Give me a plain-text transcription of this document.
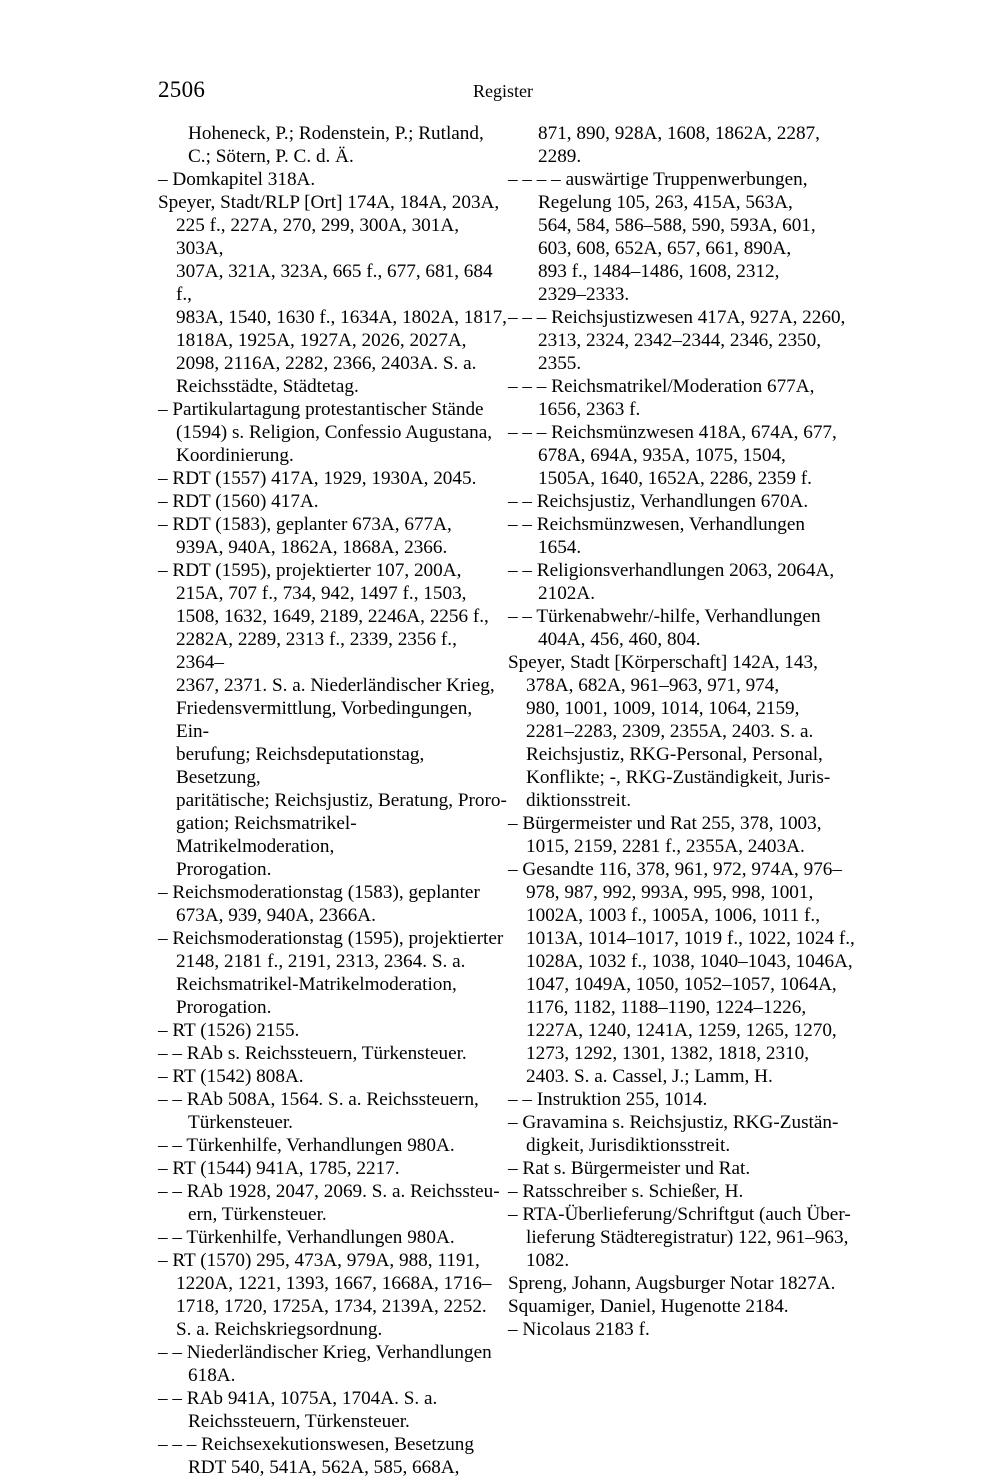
2506	Register
Hoheneck, P.; Rodenstein, P.; Rutland,
C.; Sötern, P. C. d. Ä.
– Domkapitel 318A.
Speyer, Stadt/RLP [Ort] 174A, 184A, 203A,
225 f., 227A, 270, 299, 300A, 301A, 303A,
307A, 321A, 323A, 665 f., 677, 681, 684 f.,
983A, 1540, 1630 f., 1634A, 1802A, 1817,
1818A, 1925A, 1927A, 2026, 2027A,
2098, 2116A, 2282, 2366, 2403A. S. a.
Reichsstädte, Städtetag.
– Partikulartagung protestantischer Stände
(1594) s. Religion, Confessio Augustana,
Koordinierung.
– RDT (1557) 417A, 1929, 1930A, 2045.
– RDT (1560) 417A.
– RDT (1583), geplanter 673A, 677A,
939A, 940A, 1862A, 1868A, 2366.
– RDT (1595), projektierter 107, 200A,
215A, 707 f., 734, 942, 1497 f., 1503,
1508, 1632, 1649, 2189, 2246A, 2256 f.,
2282A, 2289, 2313 f., 2339, 2356 f., 2364–
2367, 2371. S. a. Niederländischer Krieg,
Friedensvermittlung, Vorbedingungen, Ein-
berufung; Reichsdeputationstag, Besetzung,
paritätische; Reichsjustiz, Beratung, Proro-
gation; Reichsmatrikel-Matrikelmoderation,
Prorogation.
– Reichsmoderationstag (1583), geplanter
673A, 939, 940A, 2366A.
– Reichsmoderationstag (1595), projektierter
2148, 2181 f., 2191, 2313, 2364. S. a.
Reichsmatrikel-Matrikelmoderation,
Prorogation.
– RT (1526) 2155.
– – RAb s. Reichssteuern, Türkensteuer.
– RT (1542) 808A.
– – RAb 508A, 1564. S. a. Reichssteuern,
Türkensteuer.
– – Türkenhilfe, Verhandlungen 980A.
– RT (1544) 941A, 1785, 2217.
– – RAb 1928, 2047, 2069. S. a. Reichssteu-
ern, Türkensteuer.
– – Türkenhilfe, Verhandlungen 980A.
– RT (1570) 295, 473A, 979A, 988, 1191,
1220A, 1221, 1393, 1667, 1668A, 1716–
1718, 1720, 1725A, 1734, 2139A, 2252.
S. a. Reichskriegsordnung.
– – Niederländischer Krieg, Verhandlungen
618A.
– – RAb 941A, 1075A, 1704A. S. a.
Reichssteuern, Türkensteuer.
– – – Reichsexekutionswesen, Besetzung
RDT 540, 541A, 562A, 585, 668A,
871, 890, 928A, 1608, 1862A, 2287,
2289.
– – – – auswärtige Truppenwerbungen,
Regelung 105, 263, 415A, 563A,
564, 584, 586–588, 590, 593A, 601,
603, 608, 652A, 657, 661, 890A,
893 f., 1484–1486, 1608, 2312,
2329–2333.
– – – Reichsjustizwesen 417A, 927A, 2260,
2313, 2324, 2342–2344, 2346, 2350,
2355.
– – – Reichsmatrikel/Moderation 677A,
1656, 2363 f.
– – – Reichsmünzwesen 418A, 674A, 677,
678A, 694A, 935A, 1075, 1504,
1505A, 1640, 1652A, 2286, 2359 f.
– – Reichsjustiz, Verhandlungen 670A.
– – Reichsmünzwesen, Verhandlungen
1654.
– – Religionsverhandlungen 2063, 2064A,
2102A.
– – Türkenabwehr/-hilfe, Verhandlungen
404A, 456, 460, 804.
Speyer, Stadt [Körperschaft] 142A, 143,
378A, 682A, 961–963, 971, 974,
980, 1001, 1009, 1014, 1064, 2159,
2281–2283, 2309, 2355A, 2403. S. a.
Reichsjustiz, RKG-Personal, Personal,
Konflikte; -, RKG-Zuständigkeit, Juris-
diktionsstreit.
– Bürgermeister und Rat 255, 378, 1003,
1015, 2159, 2281 f., 2355A, 2403A.
– Gesandte 116, 378, 961, 972, 974A, 976–
978, 987, 992, 993A, 995, 998, 1001,
1002A, 1003 f., 1005A, 1006, 1011 f.,
1013A, 1014–1017, 1019 f., 1022, 1024 f.,
1028A, 1032 f., 1038, 1040–1043, 1046A,
1047, 1049A, 1050, 1052–1057, 1064A,
1176, 1182, 1188–1190, 1224–1226,
1227A, 1240, 1241A, 1259, 1265, 1270,
1273, 1292, 1301, 1382, 1818, 2310,
2403. S. a. Cassel, J.; Lamm, H.
– – Instruktion 255, 1014.
– Gravamina s. Reichsjustiz, RKG-Zustän-
digkeit, Jurisdiktionsstreit.
– Rat s. Bürgermeister und Rat.
– Ratsschreiber s. Schießer, H.
– RTA-Überlieferung/Schriftgut (auch Über-
lieferung Städteregistratur) 122, 961–963,
1082.
Spreng, Johann, Augsburger Notar 1827A.
Squamiger, Daniel, Hugenotte 2184.
– Nicolaus 2183 f.
